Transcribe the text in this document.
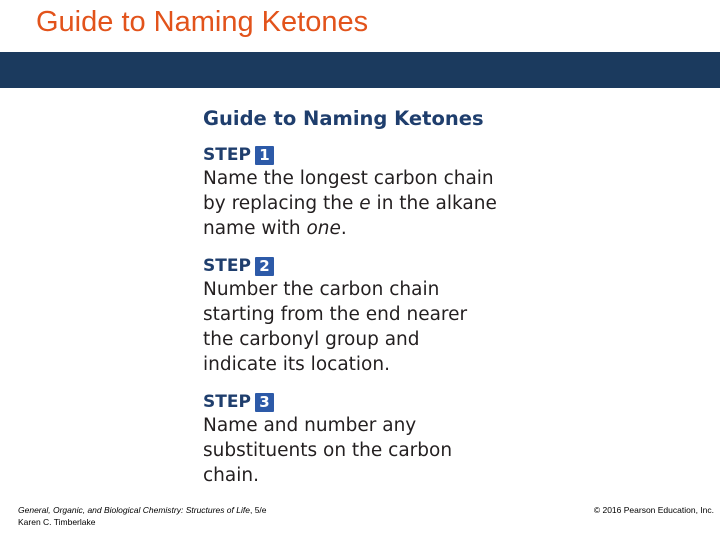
Guide to Naming Ketones
Guide to Naming Ketones
STEP 1

Name the longest carbon chain

by replacing the e in the alkane

name with one.

STEP 2

Number the carbon chain

starting from the end nearer

the carbonyl group and

indicate its location.

STEP 3

Name and number any

substituents on the carbon

chain.

General, Organic, and Biological Chemistry: Structures of Life, 5/e

Karen C. Timberlake

© 2016 Pearson Education, Inc.
